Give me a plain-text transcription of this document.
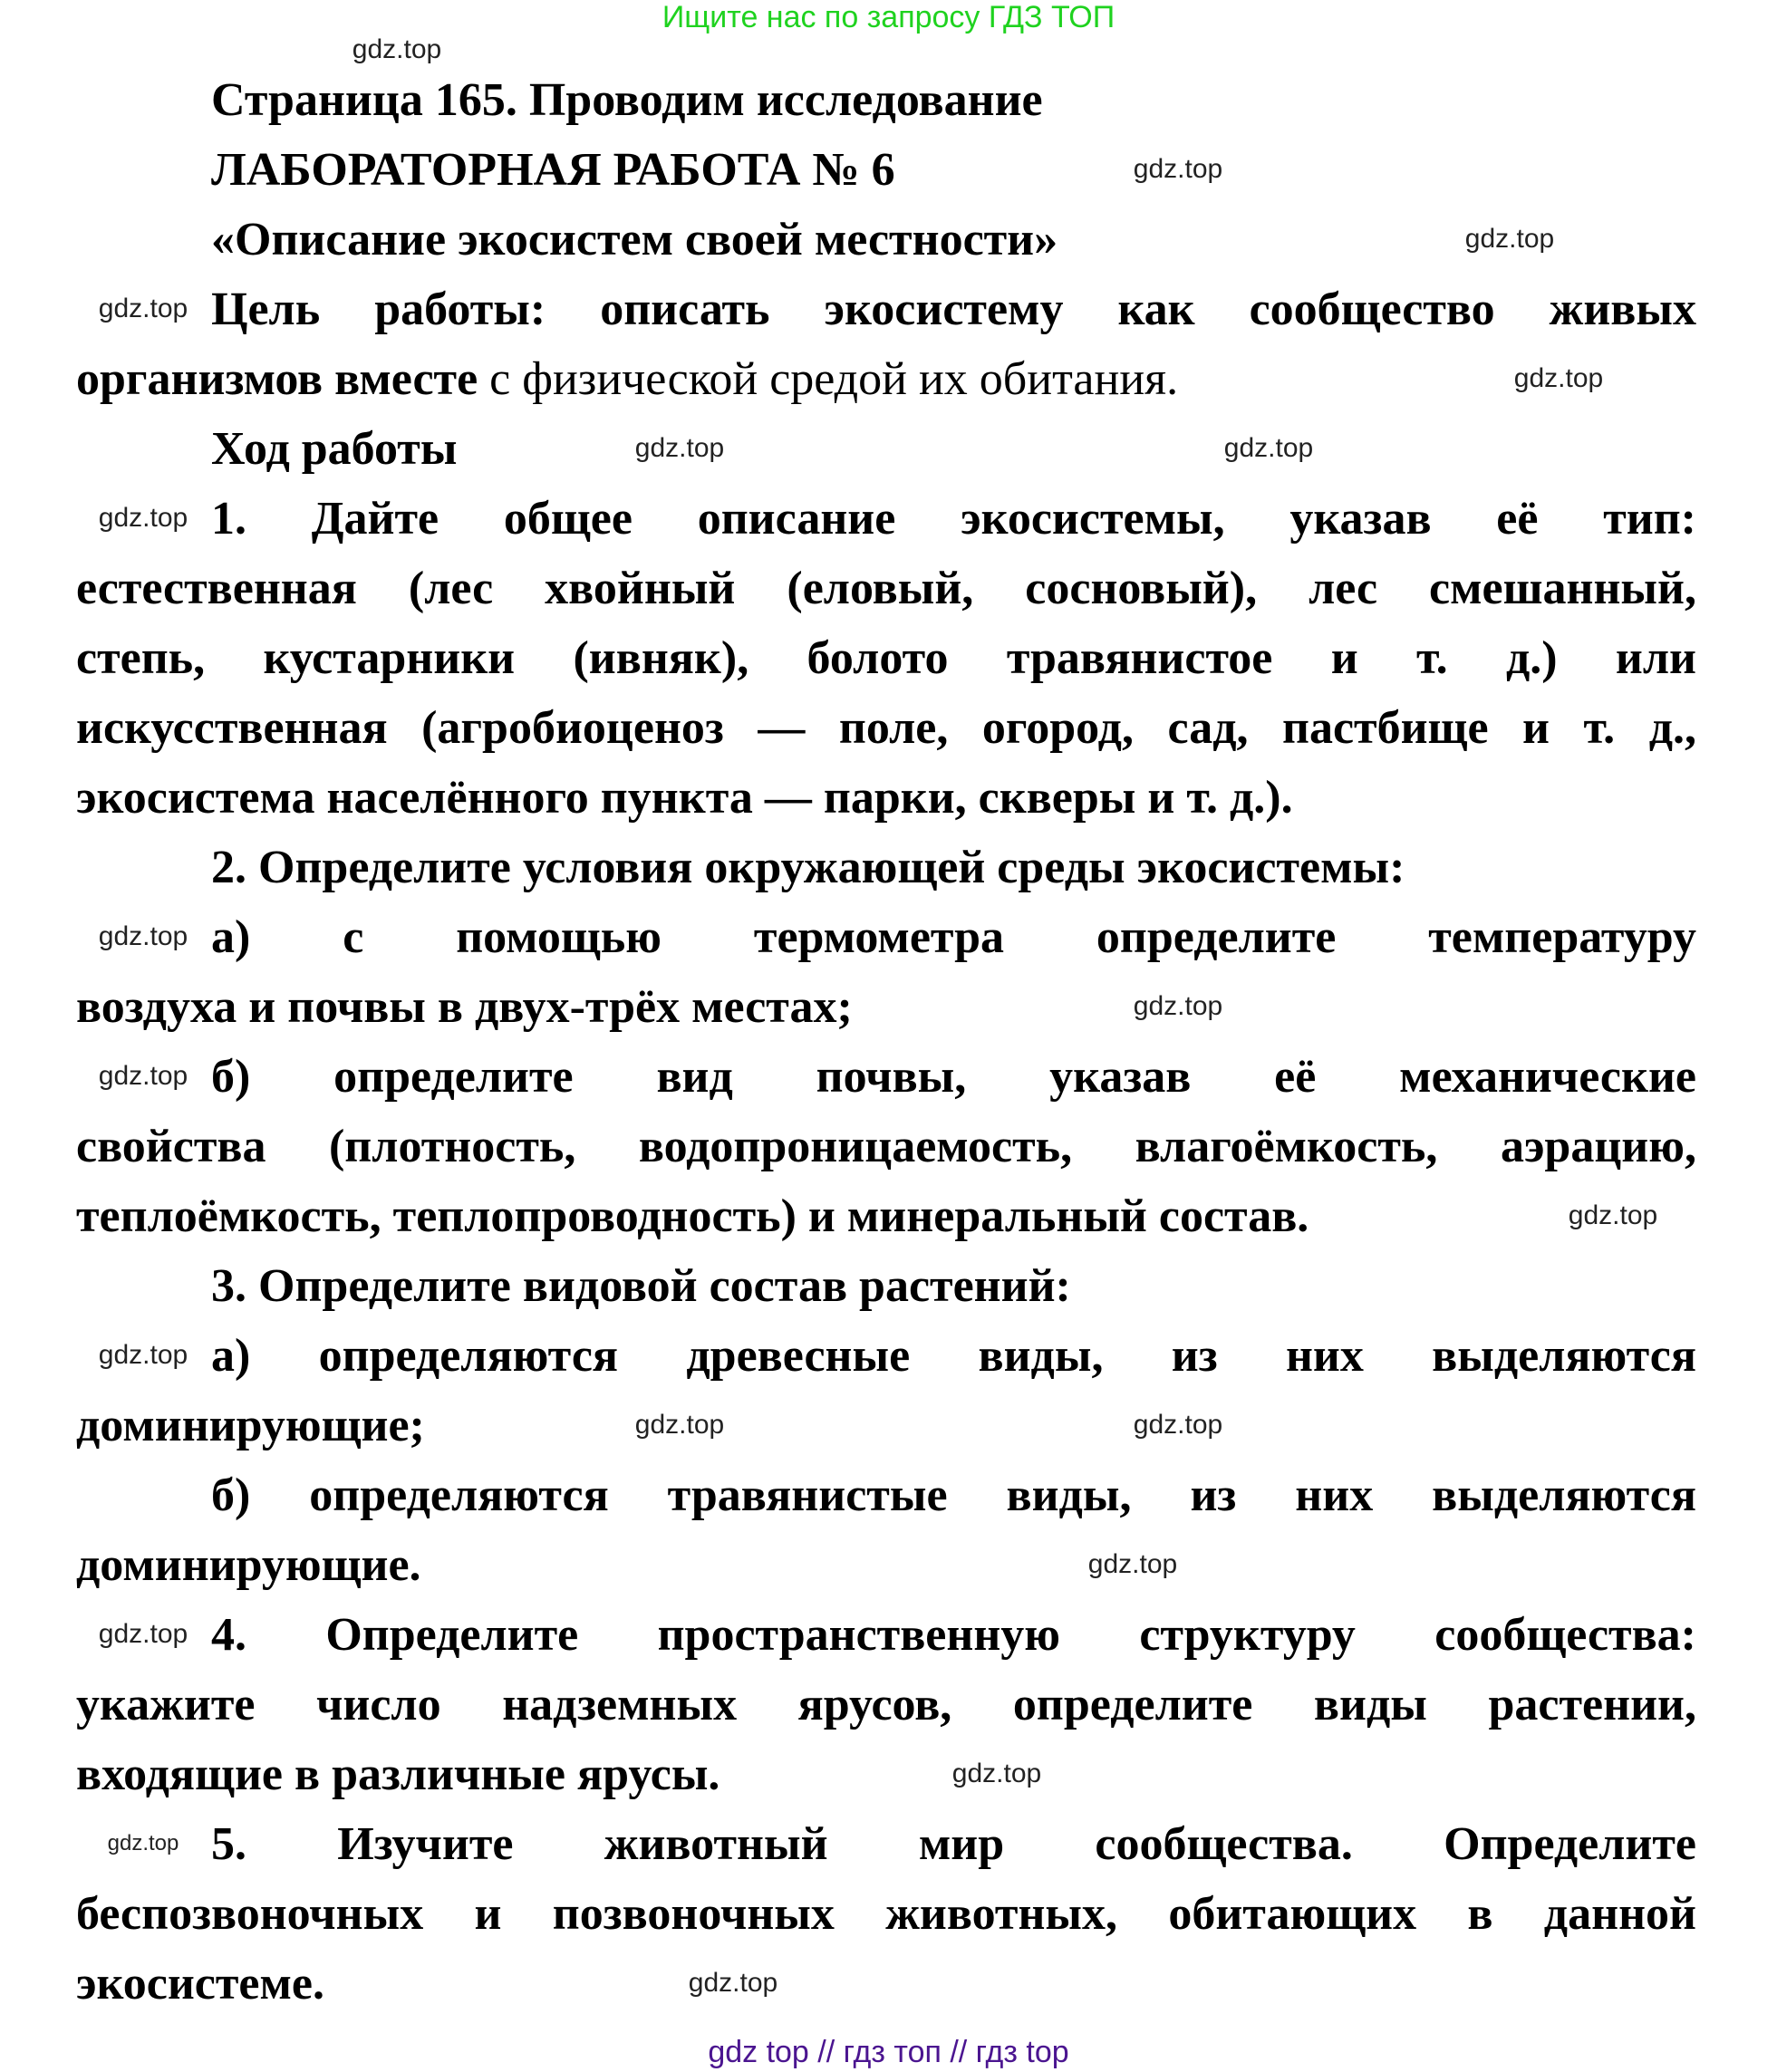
Ищите нас по запросу ГДЗ ТОП
Страница 165. Проводим исследование
ЛАБОРАТОРНАЯ РАБОТА № 6
«Описание экосистем своей местности»
Цель работы: описать экосистему как сообщество живых
организмов вместе с физической средой их обитания.
Ход работы
1. Дайте общее описание экосистемы, указав её тип:
естественная (лес хвойный (еловый, сосновый), лес смешанный,
степь, кустарники (ивняк), болото травянистое и т. д.) или
искусственная (агробиоценоз — поле, огород, сад, пастбище и т. д.,
экосистема населённого пункта — парки, скверы и т. д.).
2. Определите условия окружающей среды экосистемы:
а) с помощью термометра определите температуру
воздуха и почвы в двух-трёх местах;
б) определите вид почвы, указав её механические
свойства (плотность, водопроницаемость, влагоёмкость, аэрацию,
теплоёмкость, теплопроводность) и минеральный состав.
3. Определите видовой состав растений:
а) определяются древесные виды, из них выделяются
доминирующие;
б) определяются травянистые виды, из них выделяются
доминирующие.
4. Определите пространственную структуру сообщества:
укажите число надземных ярусов, определите виды растении,
входящие в различные ярусы.
5. Изучите животный мир сообщества. Определите
беспозвоночных и позвоночных животных, обитающих в данной
экосистеме.
gdz.top
gdz.top
gdz.top
gdz.top
gdz.top
gdz.top
gdz.top
gdz.top
gdz.top
gdz.top
gdz.top
gdz.top
gdz.top
gdz.top
gdz.top
gdz.top
gdz.top
gdz.top
gdz.top
gdz.top
gdz top // гдз топ // гдз top
